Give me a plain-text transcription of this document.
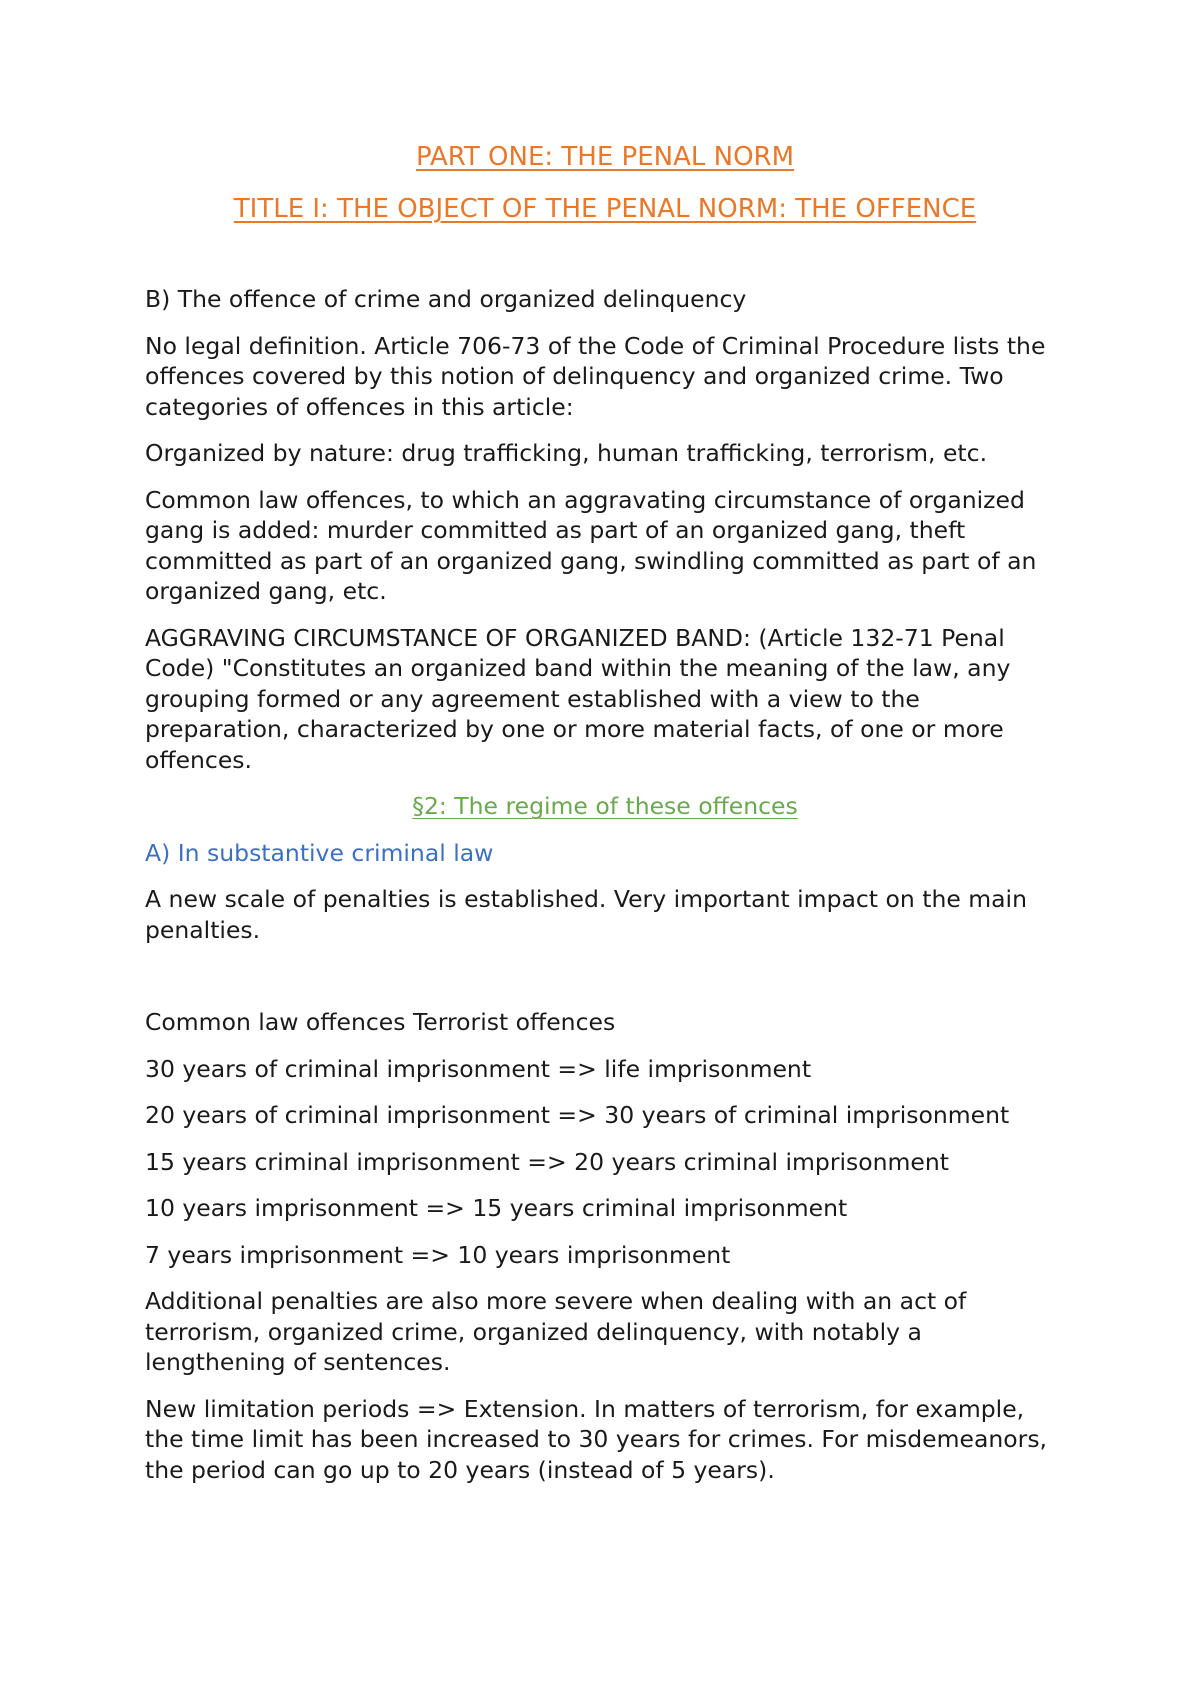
PART ONE: THE PENAL NORM

TITLE I: THE OBJECT OF THE PENAL NORM: THE OFFENCE

B) The offence of crime and organized delinquency

No legal definition. Article 706-73 of the Code of Criminal Procedure lists the offences covered by this notion of delinquency and organized crime. Two categories of offences in this article:

Organized by nature: drug trafficking, human trafficking, terrorism, etc.

Common law offences, to which an aggravating circumstance of organized gang is added: murder committed as part of an organized gang, theft committed as part of an organized gang, swindling committed as part of an organized gang, etc.

AGGRAVING CIRCUMSTANCE OF ORGANIZED BAND: (Article 132-71 Penal Code) "Constitutes an organized band within the meaning of the law, any grouping formed or any agreement established with a view to the preparation, characterized by one or more material facts, of one or more offences.

§2: The regime of these offences

A) In substantive criminal law

A new scale of penalties is established. Very important impact on the main penalties.

Common law offences Terrorist offences

30 years of criminal imprisonment => life imprisonment

20 years of criminal imprisonment => 30 years of criminal imprisonment

15 years criminal imprisonment => 20 years criminal imprisonment

10 years imprisonment => 15 years criminal imprisonment

7 years imprisonment => 10 years imprisonment

Additional penalties are also more severe when dealing with an act of terrorism, organized crime, organized delinquency, with notably a lengthening of sentences.

New limitation periods => Extension. In matters of terrorism, for example, the time limit has been increased to 30 years for crimes. For misdemeanors, the period can go up to 20 years (instead of 5 years).
